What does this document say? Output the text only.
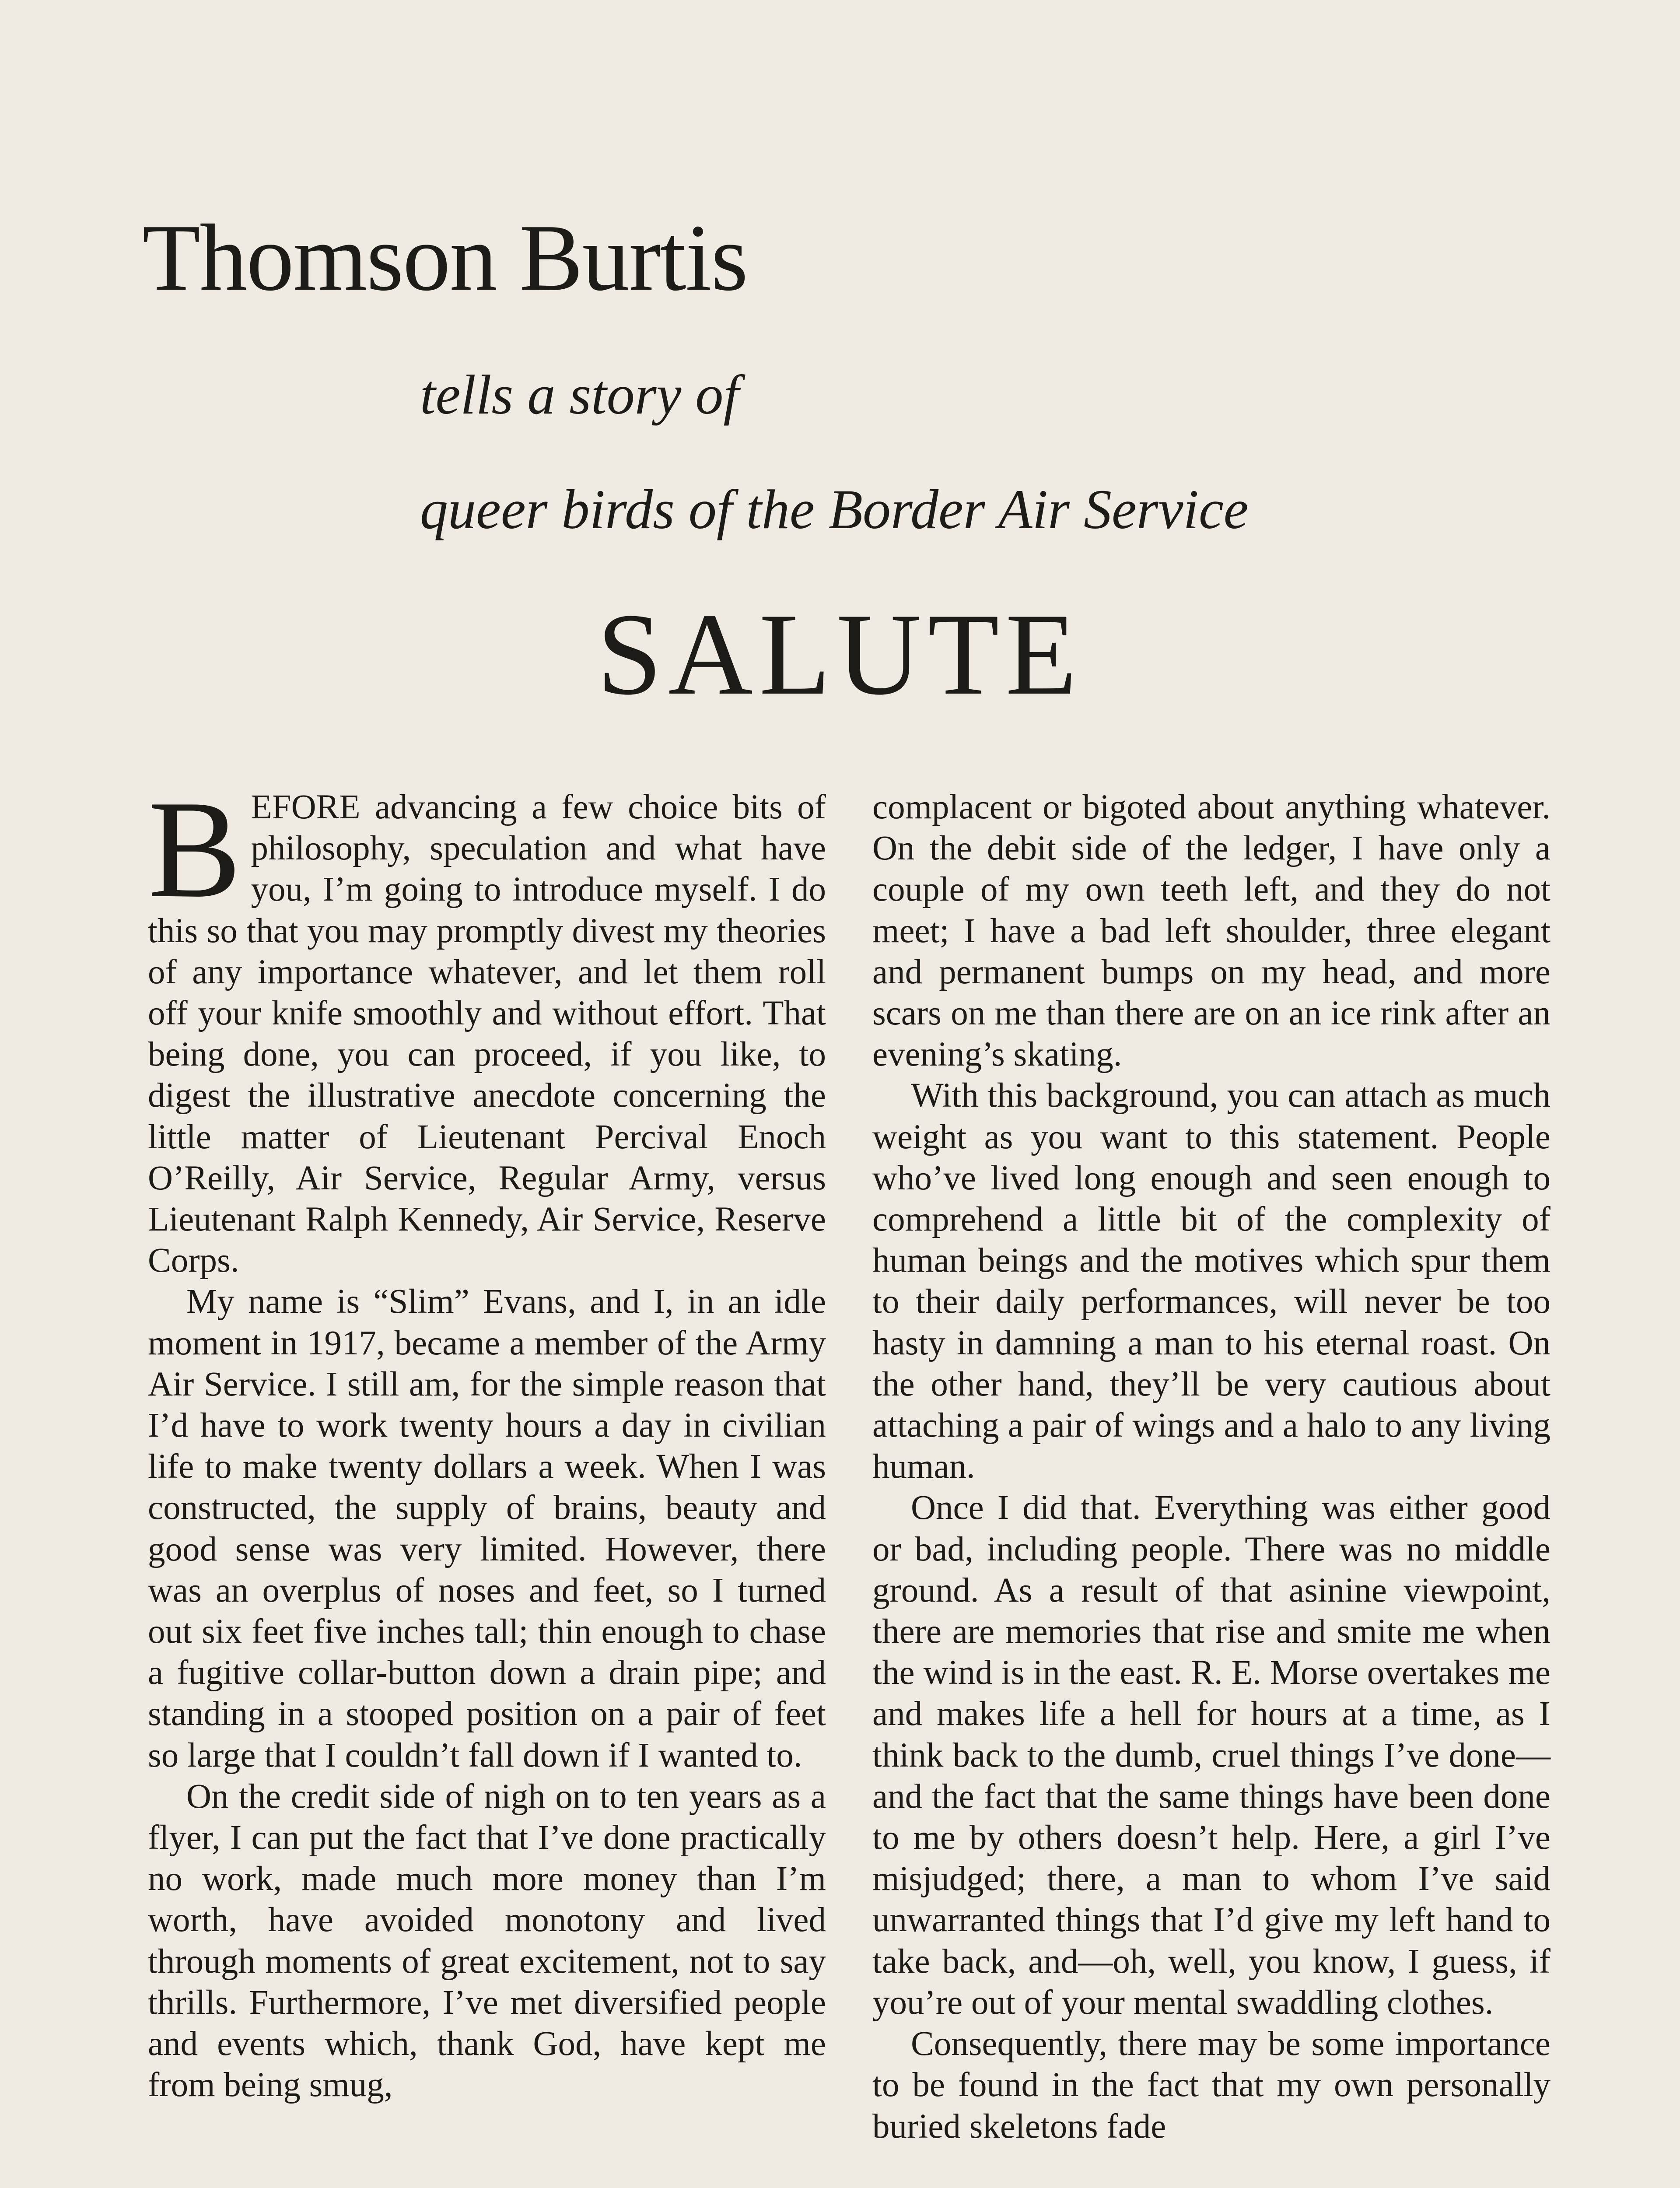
Thomson Burtis
tells a story of
queer birds of the Border Air Service
SALUTE

BEFORE advancing a few choice bits of philosophy, speculation and what have you, I’m going to introduce myself. I do this so that you may promptly divest my theories of any importance whatever, and let them roll off your knife smoothly and without effort. That being done, you can proceed, if you like, to digest the illustrative anecdote concerning the little matter of Lieutenant Percival Enoch O’Reilly, Air Service, Regular Army, versus Lieutenant Ralph Kennedy, Air Service, Reserve Corps.

My name is “Slim” Evans, and I, in an idle moment in 1917, became a member of the Army Air Service. I still am, for the simple reason that I’d have to work twenty hours a day in civilian life to make twenty dollars a week. When I was constructed, the supply of brains, beauty and good sense was very limited. However, there was an overplus of noses and feet, so I turned out six feet five inches tall; thin enough to chase a fugitive collar-button down a drain pipe; and standing in a stooped position on a pair of feet so large that I couldn’t fall down if I wanted to.

On the credit side of nigh on to ten years as a flyer, I can put the fact that I’ve done practically no work, made much more money than I’m worth, have avoided monotony and lived through moments of great excitement, not to say thrills. Furthermore, I’ve met diversified people and events which, thank God, have kept me from being smug,

complacent or bigoted about anything whatever. On the debit side of the ledger, I have only a couple of my own teeth left, and they do not meet; I have a bad left shoulder, three elegant and permanent bumps on my head, and more scars on me than there are on an ice rink after an evening’s skating.

With this background, you can attach as much weight as you want to this statement. People who’ve lived long enough and seen enough to comprehend a little bit of the complexity of human beings and the motives which spur them to their daily performances, will never be too hasty in damning a man to his eternal roast. On the other hand, they’ll be very cautious about attaching a pair of wings and a halo to any living human.

Once I did that. Everything was either good or bad, including people. There was no middle ground. As a result of that asinine viewpoint, there are memories that rise and smite me when the wind is in the east. R. E. Morse overtakes me and makes life a hell for hours at a time, as I think back to the dumb, cruel things I’ve done—and the fact that the same things have been done to me by others doesn’t help. Here, a girl I’ve misjudged; there, a man to whom I’ve said unwarranted things that I’d give my left hand to take back, and—oh, well, you know, I guess, if you’re out of your mental swaddling clothes.

Consequently, there may be some importance to be found in the fact that my own personally buried skeletons fade
